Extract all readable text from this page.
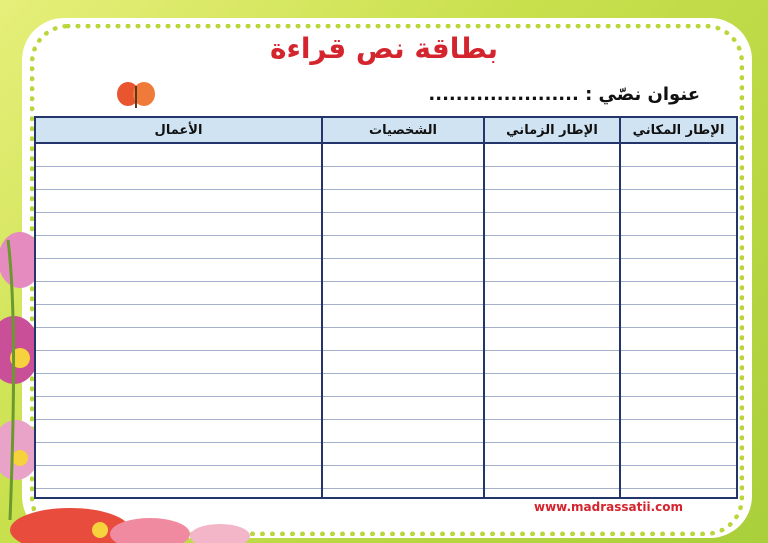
بطاقة نص قراءة
عنوان نصّي : ......................
الإطار المكاني
الإطار الزماني
الشخصيات
الأعمال
www.madrassatii.com
